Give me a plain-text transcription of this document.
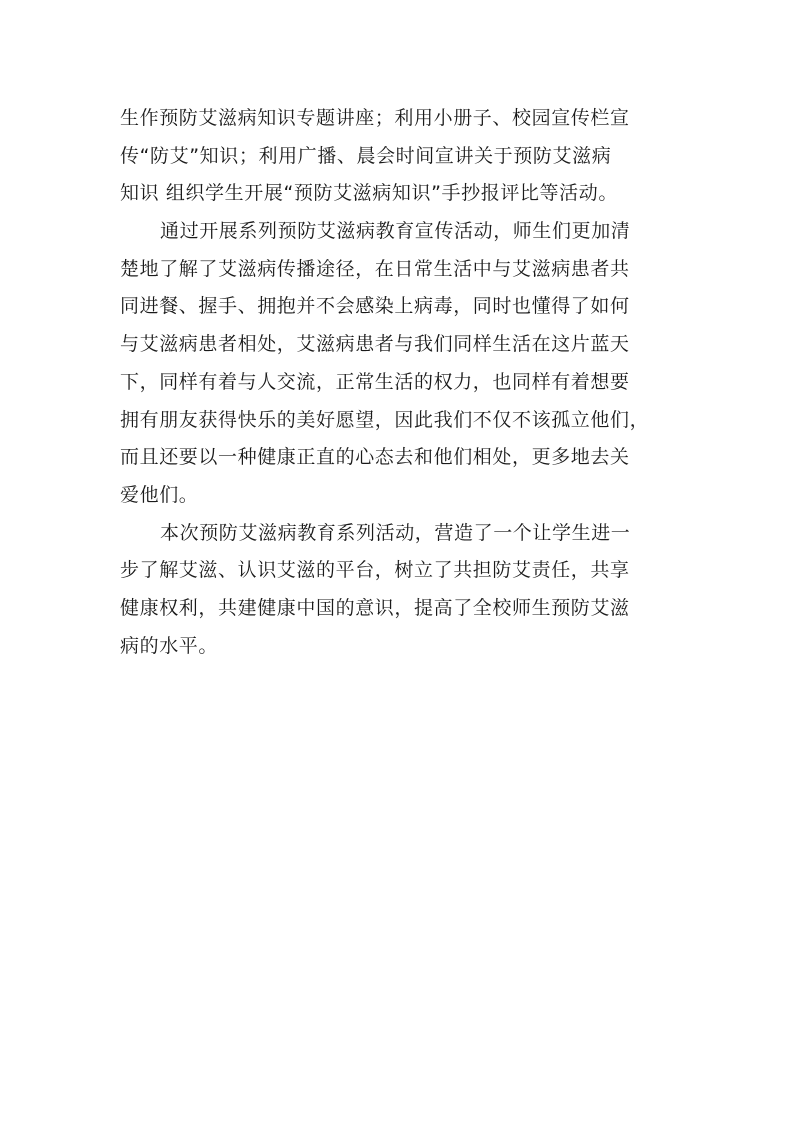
生作预防艾滋病知识专题讲座；利用小册子、校园宣传栏宣
传“防艾”知识；利用广播、晨会时间宣讲关于预防艾滋病
知识 组织学生开展“预防艾滋病知识”手抄报评比等活动。
通过开展系列预防艾滋病教育宣传活动，师生们更加清
楚地了解了艾滋病传播途径，在日常生活中与艾滋病患者共
同进餐、握手、拥抱并不会感染上病毒，同时也懂得了如何
与艾滋病患者相处，艾滋病患者与我们同样生活在这片蓝天
下，同样有着与人交流，正常生活的权力，也同样有着想要
拥有朋友获得快乐的美好愿望，因此我们不仅不该孤立他们，
而且还要以一种健康正直的心态去和他们相处，更多地去关
爱他们。
本次预防艾滋病教育系列活动，营造了一个让学生进一
步了解艾滋、认识艾滋的平台，树立了共担防艾责任，共享
健康权利，共建健康中国的意识，提高了全校师生预防艾滋
病的水平。
